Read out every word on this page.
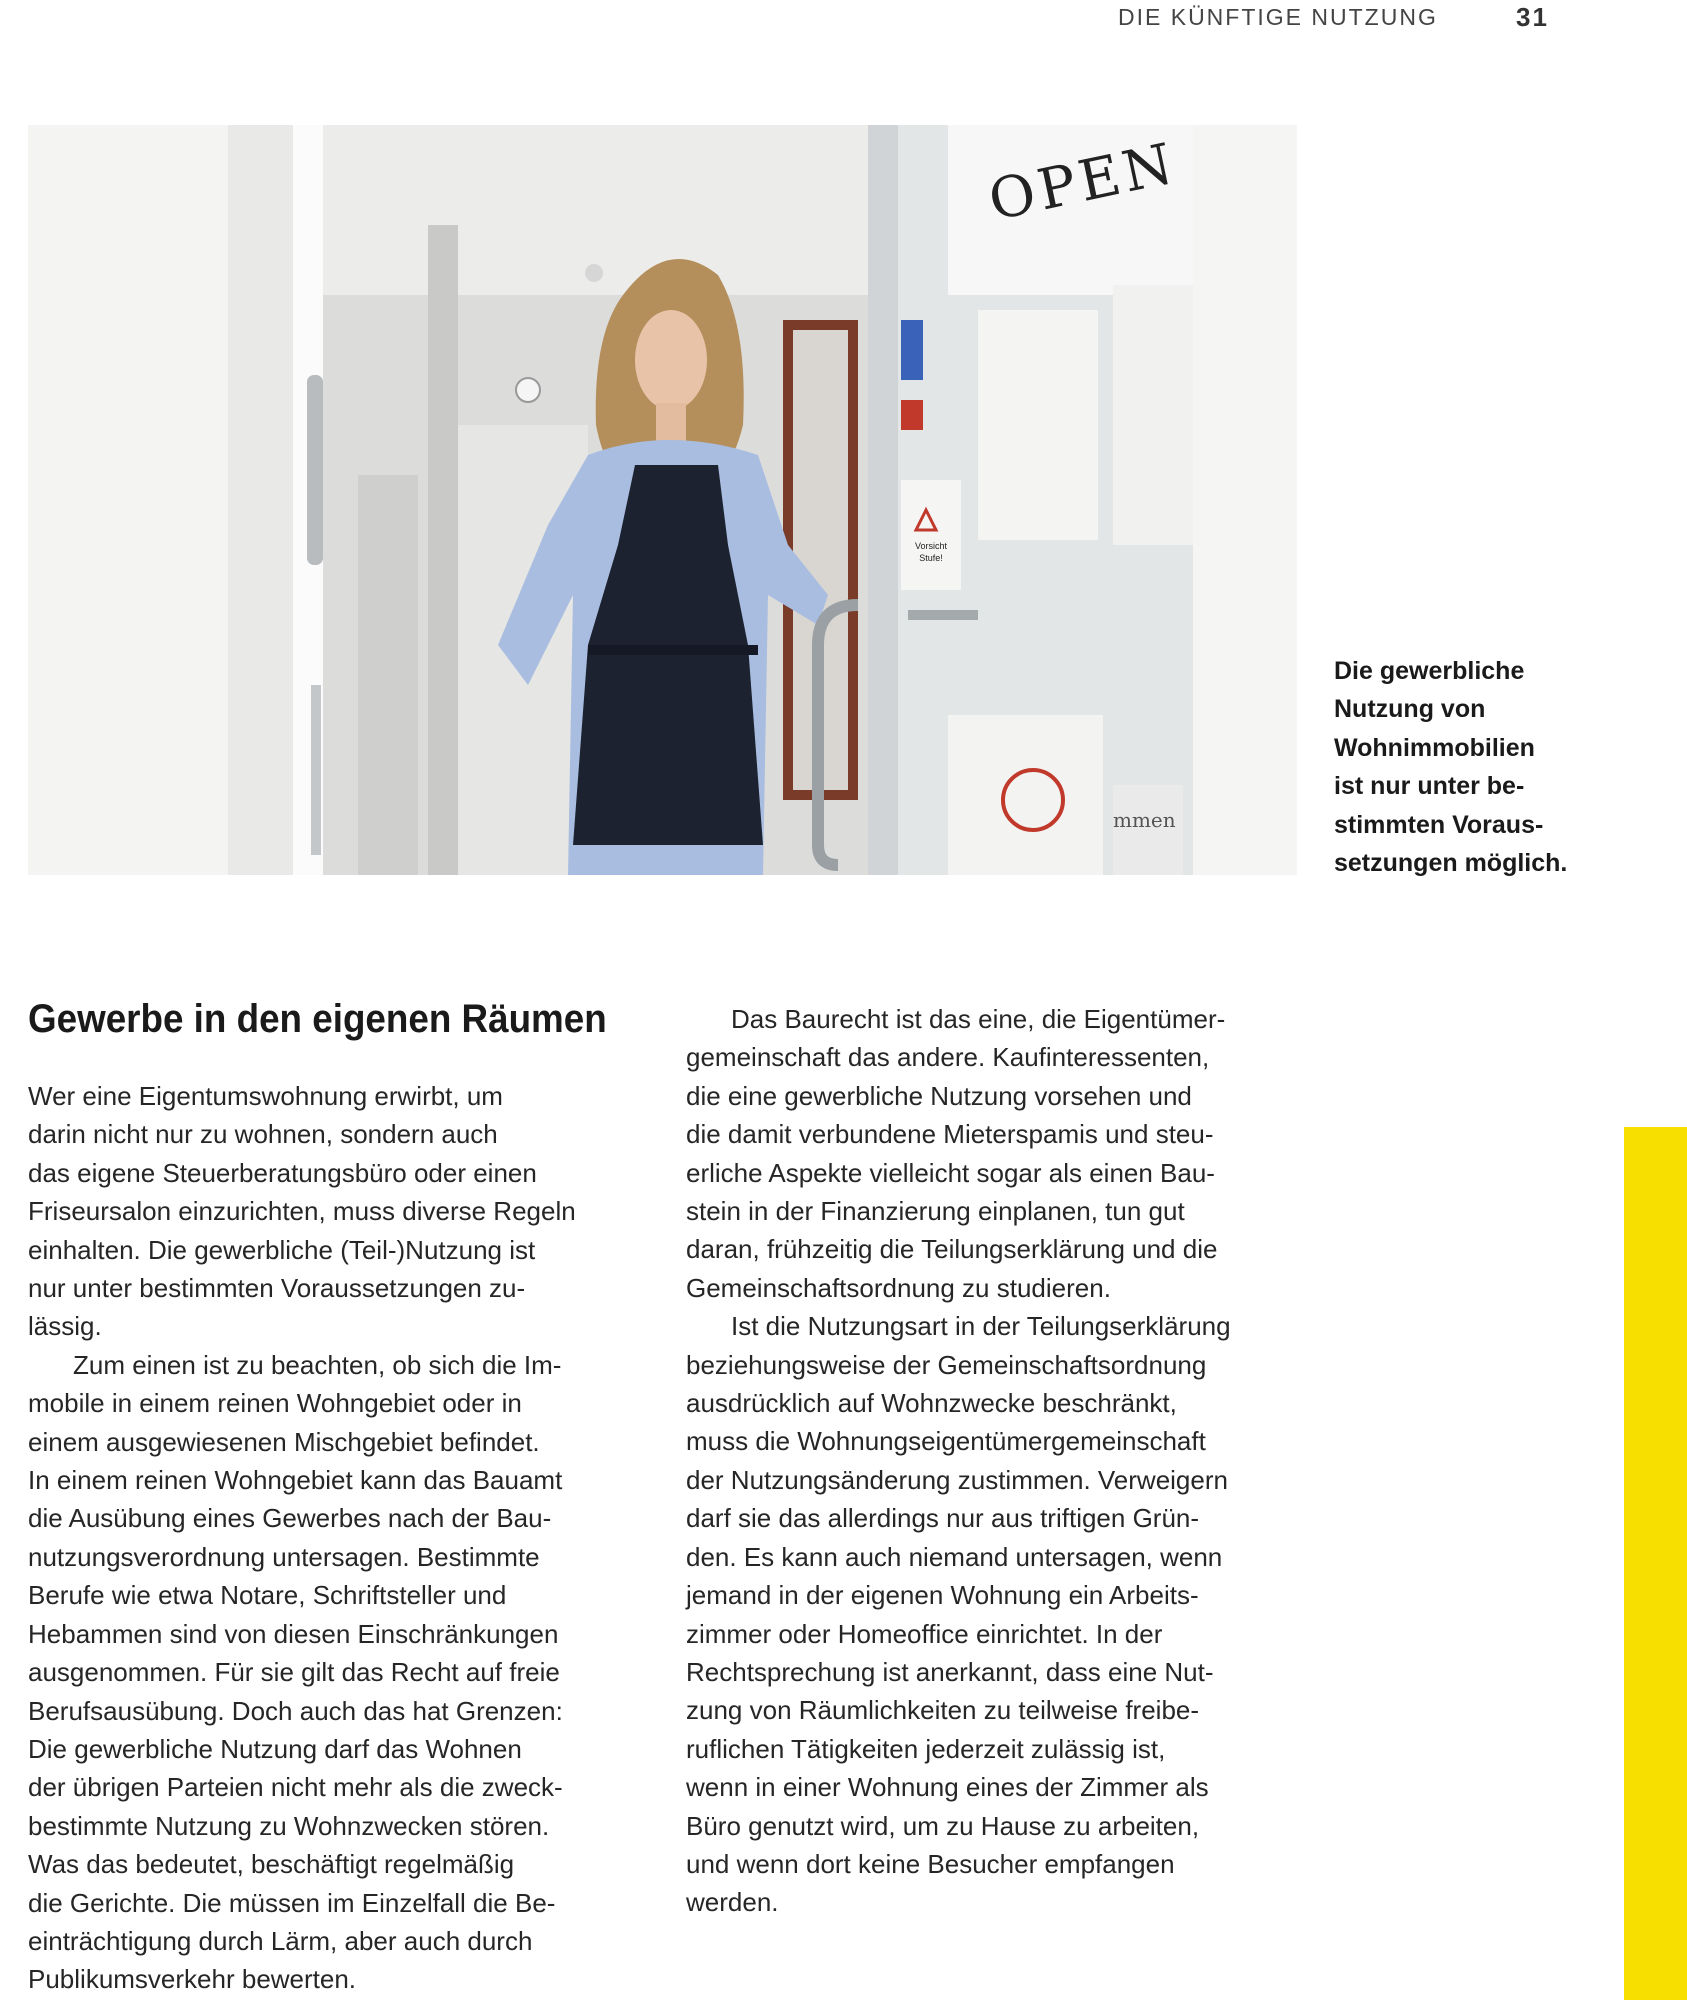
DIE KÜNFTIGE NUTZUNG	31
OPEN
Vorsicht
Stufe!
mmen
Die gewerbliche
Nutzung von
Wohnimmobilien
ist nur unter be-
stimmten Voraus-
setzungen möglich.
Gewerbe in den eigenen Räumen
Wer eine Eigentumswohnung erwirbt, um
darin nicht nur zu wohnen, sondern auch
das eigene Steuerberatungsbüro oder einen
Friseursalon einzurichten, muss diverse Regeln
einhalten. Die gewerbliche (Teil-)Nutzung ist
nur unter bestimmten Voraussetzungen zu-
lässig.
Zum einen ist zu beachten, ob sich die Im-
mobile in einem reinen Wohngebiet oder in
einem ausgewiesenen Mischgebiet befindet.
In einem reinen Wohngebiet kann das Bauamt
die Ausübung eines Gewerbes nach der Bau-
nutzungsverordnung untersagen. Bestimmte
Berufe wie etwa Notare, Schriftsteller und
Hebammen sind von diesen Einschränkungen
ausgenommen. Für sie gilt das Recht auf freie
Berufsausübung. Doch auch das hat Grenzen:
Die gewerbliche Nutzung darf das Wohnen
der übrigen Parteien nicht mehr als die zweck-
bestimmte Nutzung zu Wohnzwecken stören.
Was das bedeutet, beschäftigt regelmäßig
die Gerichte. Die müssen im Einzelfall die Be-
einträchtigung durch Lärm, aber auch durch
Publikumsverkehr bewerten.
Das Baurecht ist das eine, die Eigentümer-
gemeinschaft das andere. Kaufinteressenten,
die eine gewerbliche Nutzung vorsehen und
die damit verbundene Mieterspamis und steu-
erliche Aspekte vielleicht sogar als einen Bau-
stein in der Finanzierung einplanen, tun gut
daran, frühzeitig die Teilungserklärung und die
Gemeinschaftsordnung zu studieren.
Ist die Nutzungsart in der Teilungserklärung
beziehungsweise der Gemeinschaftsordnung
ausdrücklich auf Wohnzwecke beschränkt,
muss die Wohnungseigentümergemeinschaft
der Nutzungsänderung zustimmen. Verweigern
darf sie das allerdings nur aus triftigen Grün-
den. Es kann auch niemand untersagen, wenn
jemand in der eigenen Wohnung ein Arbeits-
zimmer oder Homeoffice einrichtet. In der
Rechtsprechung ist anerkannt, dass eine Nut-
zung von Räumlichkeiten zu teilweise freibe-
ruflichen Tätigkeiten jederzeit zulässig ist,
wenn in einer Wohnung eines der Zimmer als
Büro genutzt wird, um zu Hause zu arbeiten,
und wenn dort keine Besucher empfangen
werden.
